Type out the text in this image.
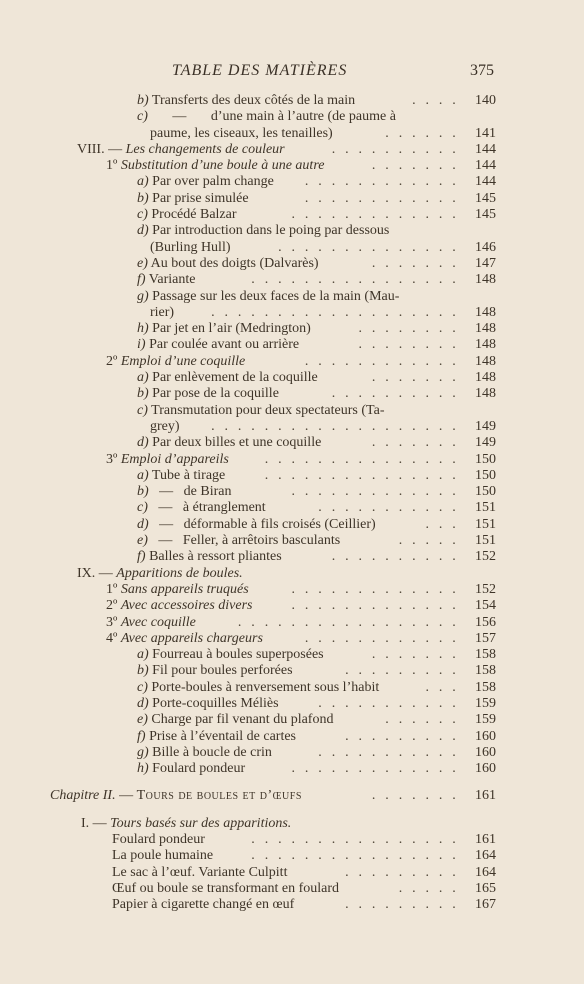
TABLE DES MATIÈRES	375
. . . .
b) Transferts des deux côtés de la main	140
c)       —       d’une main à l’autre (de paume à
. . . . . .
paume, les ciseaux, les tenailles)	141
. . . . . . . . . .
VIII. — Les changements de couleur	144
. . . . . . .
1º Substitution d’une boule à une autre	144
. . . . . . . . . . . .
a) Par over palm change	144
. . . . . . . . . . . .
b) Par prise simulée	145
. . . . . . . . . . . . .
c) Procédé Balzar	145
d) Par introduction dans le poing par dessous
. . . . . . . . . . . . . .
(Burling Hull)	146
. . . . . . .
e) Au bout des doigts (Dalvarès)	147
. . . . . . . . . . . . . . . .
f) Variante	148
g) Passage sur les deux faces de la main (Mau-
. . . . . . . . . . . . . . . . . . .
rier)	148
. . . . . . . .
h) Par jet en l’air (Medrington)	148
. . . . . . . .
i) Par coulée avant ou arrière	148
. . . . . . . . . . . .
2º Emploi d’une coquille	148
. . . . . . .
a) Par enlèvement de la coquille	148
. . . . . . . . . .
b) Par pose de la coquille	148
c) Transmutation pour deux spectateurs (Ta-
. . . . . . . . . . . . . . . . . . .
grey)	149
. . . . . . .
d) Par deux billes et une coquille	149
. . . . . . . . . . . . . . .
3º Emploi d’appareils	150
. . . . . . . . . . . . . . .
a) Tube à tirage	150
. . . . . . . . . . . . .
b)   —   de Biran	150
. . . . . . . . . . .
c)   —   à étranglement	151
. . .
d)   —   déformable à fils croisés (Ceillier)	151
. . . . .
e)   —   Feller, à arrêtoirs basculants	151
. . . . . . . . . .
f) Balles à ressort pliantes	152
IX. — Apparitions de boules.
. . . . . . . . . . . . .
1º Sans appareils truqués	152
. . . . . . . . . . . . .
2º Avec accessoires divers	154
. . . . . . . . . . . . . . . . .
3º Avec coquille	156
. . . . . . . . . . . .
4º Avec appareils chargeurs	157
. . . . . . .
a) Fourreau à boules superposées	158
. . . . . . . . .
b) Fil pour boules perforées	158
. . .
c) Porte-boules à renversement sous l’habit	158
. . . . . . . . . . .
d) Porte-coquilles Méliès	159
. . . . . .
e) Charge par fil venant du plafond	159
. . . . . . . . .
f) Prise à l’éventail de cartes	160
. . . . . . . . . . .
g) Bille à boucle de crin	160
. . . . . . . . . . . . .
h) Foulard pondeur	160
. . . . . . .
Chapitre II. — Tours de boules et d’œufs	161
I. — Tours basés sur des apparitions.
. . . . . . . . . . . . . . . .
Foulard pondeur	161
. . . . . . . . . . . . . . . .
La poule humaine	164
. . . . . . . . .
Le sac à l’œuf. Variante Culpitt	164
. . . . .
Œuf ou boule se transformant en foulard	165
. . . . . . . . .
Papier à cigarette changé en œuf	167
